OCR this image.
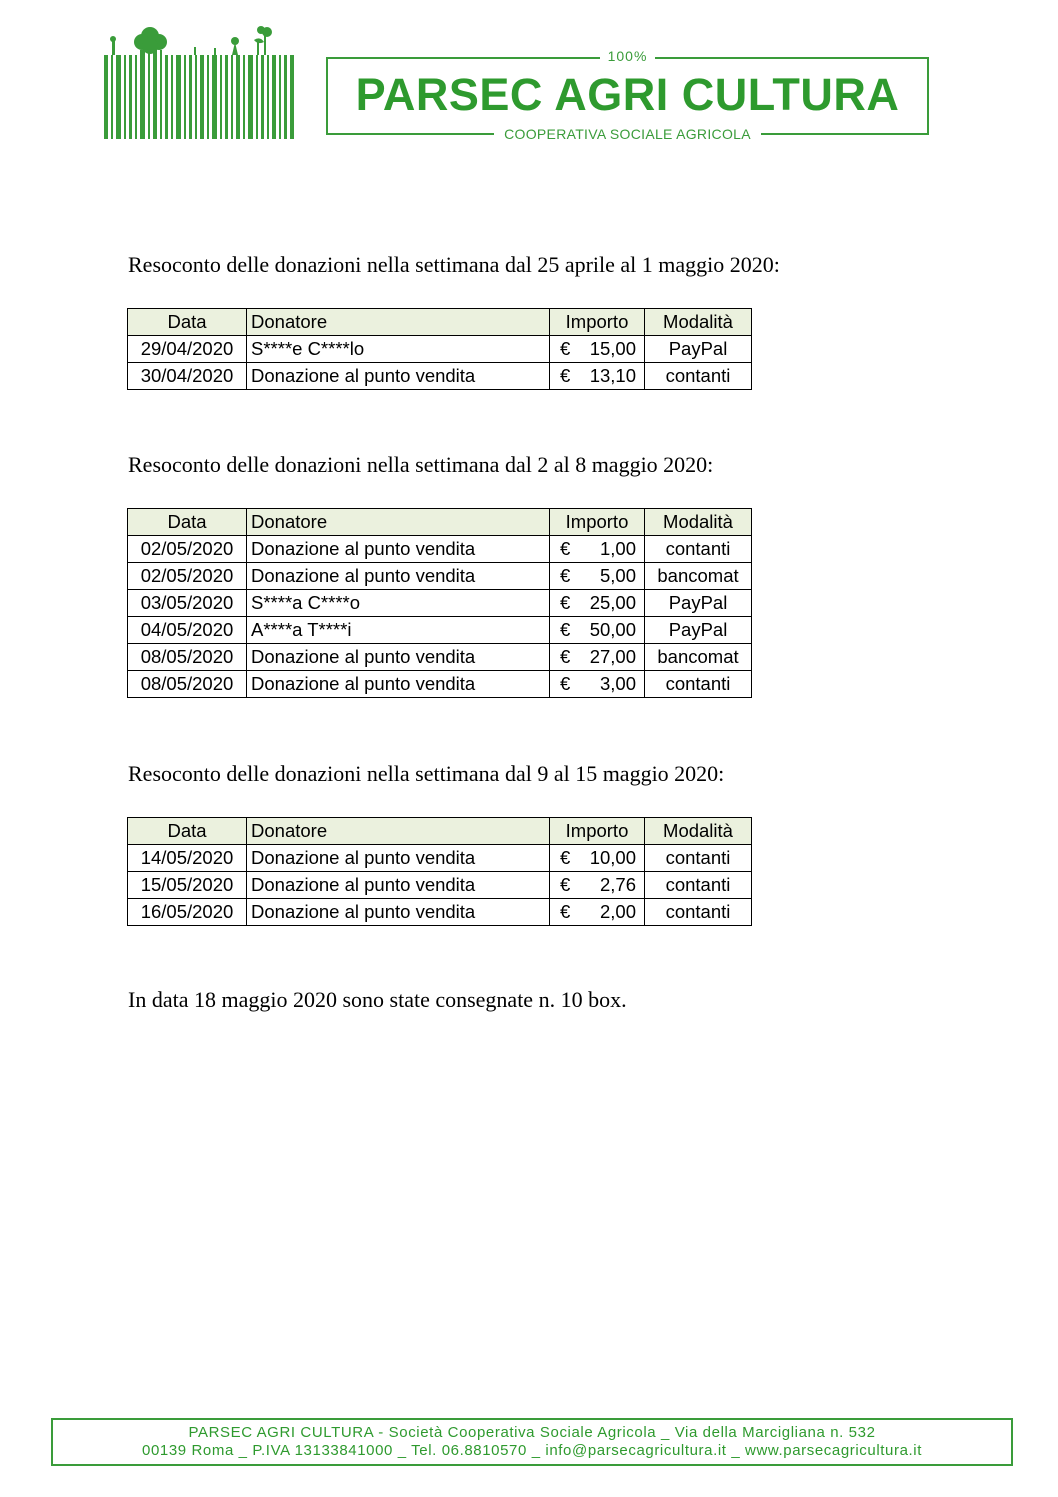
100%
PARSEC AGRI CULTURA
COOPERATIVA SOCIALE AGRICOLA
Resoconto delle donazioni nella settimana dal 25 aprile al 1 maggio 2020:
Data	Donatore	Importo	Modalità
29/04/2020	S****e C****lo	€ 15,00	PayPal
30/04/2020	Donazione al punto vendita	€ 13,10	contanti
Resoconto delle donazioni nella settimana dal 2 al 8 maggio 2020:
Data	Donatore	Importo	Modalità
02/05/2020	Donazione al punto vendita	€ 1,00	contanti
02/05/2020	Donazione al punto vendita	€ 5,00	bancomat
03/05/2020	S****a C****o	€ 25,00	PayPal
04/05/2020	A****a T****i	€ 50,00	PayPal
08/05/2020	Donazione al punto vendita	€ 27,00	bancomat
08/05/2020	Donazione al punto vendita	€ 3,00	contanti
Resoconto delle donazioni nella settimana dal 9 al 15 maggio 2020:
Data	Donatore	Importo	Modalità
14/05/2020	Donazione al punto vendita	€ 10,00	contanti
15/05/2020	Donazione al punto vendita	€ 2,76	contanti
16/05/2020	Donazione al punto vendita	€ 2,00	contanti
In data 18 maggio 2020 sono state consegnate n. 10 box.
PARSEC AGRI CULTURA - Società Cooperativa Sociale Agricola _ Via della Marcigliana n. 532
00139 Roma _ P.IVA 13133841000 _ Tel. 06.8810570 _ info@parsecagricultura.it _ www.parsecagricultura.it
